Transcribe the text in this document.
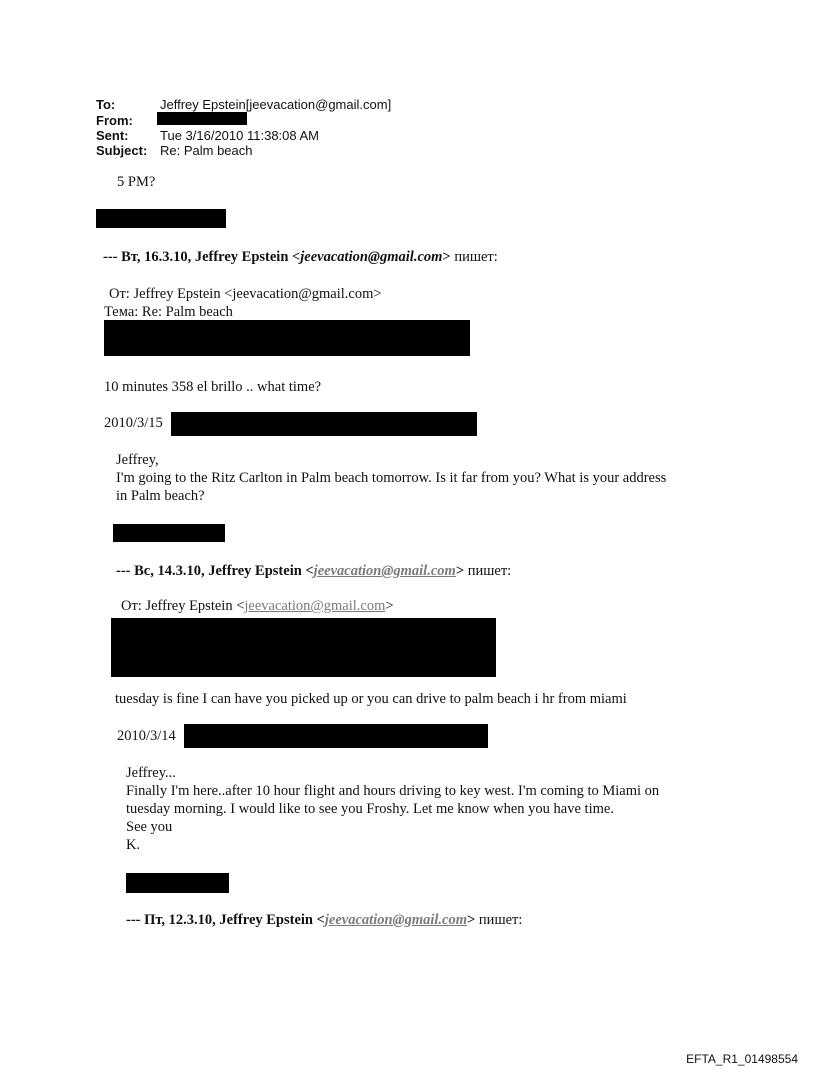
To:	Jeffrey Epstein[jeevacation@gmail.com]
From:
Sent: Tue 3/16/2010 11:38:08 AM
Subject: Re: Palm beach
5 PM?
--- Вт, 16.3.10, Jeffrey Epstein <jeevacation@gmail.com> пишет:
От: Jeffrey Epstein <jeevacation@gmail.com>
Тема: Re: Palm beach
10 minutes 358 el brillo .. what time?
2010/3/15
Jeffrey,
I'm going to the Ritz Carlton in Palm beach tomorrow. Is it far from you? What is your address
in Palm beach?
--- Вс, 14.3.10, Jeffrey Epstein <jeevacation@gmail.com> пишет:
От: Jeffrey Epstein <jeevacation@gmail.com>
tuesday is fine I can have you picked up or you can drive to palm beach i hr from miami
2010/3/14
Jeffrey...
Finally I'm here..after 10 hour flight and hours driving to key west. I'm coming to Miami on
tuesday morning. I would like to see you Froshy. Let me know when you have time.
See you
K.
--- Пт, 12.3.10, Jeffrey Epstein <jeevacation@gmail.com> пишет:
EFTA_R1_01498554
